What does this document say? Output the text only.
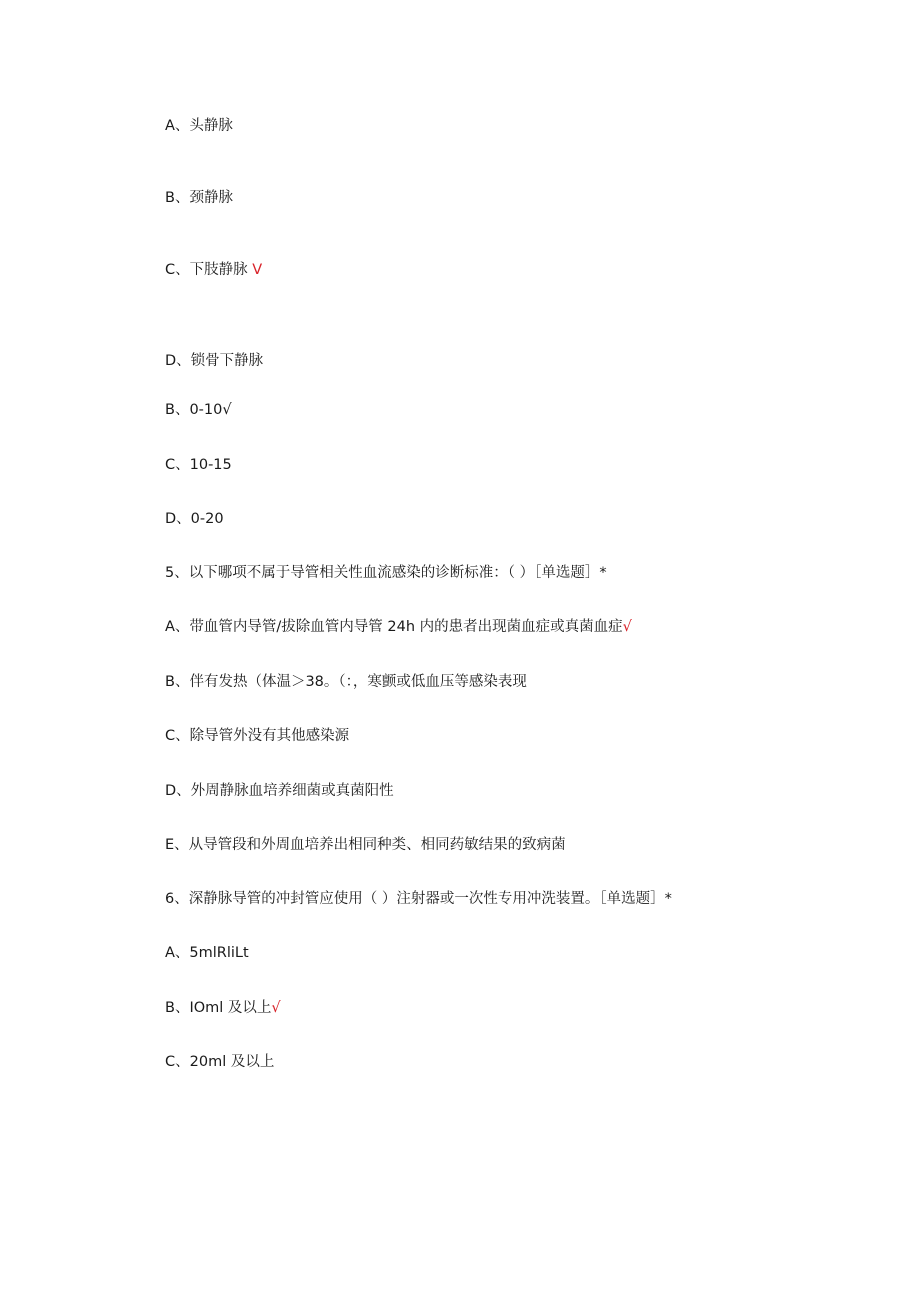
A、头静脉
B、颈静脉
C、下肢静脉 V
D、锁骨下静脉
B、0-10√
C、10-15
D、0-20
5、以下哪项不属于导管相关性血流感染的诊断标准：（ ）［单选题］*
A、带血管内导管/拔除血管内导管 24h 内的患者出现菌血症或真菌血症√
B、伴有发热（体温＞38。（：，寒颤或低血压等感染表现
C、除导管外没有其他感染源
D、外周静脉血培养细菌或真菌阳性
E、从导管段和外周血培养出相同种类、相同药敏结果的致病菌
6、深静脉导管的冲封管应使用（ ）注射器或一次性专用冲洗装置。［单选题］*
A、5mlRliLt
B、IOml 及以上√
C、20ml 及以上
